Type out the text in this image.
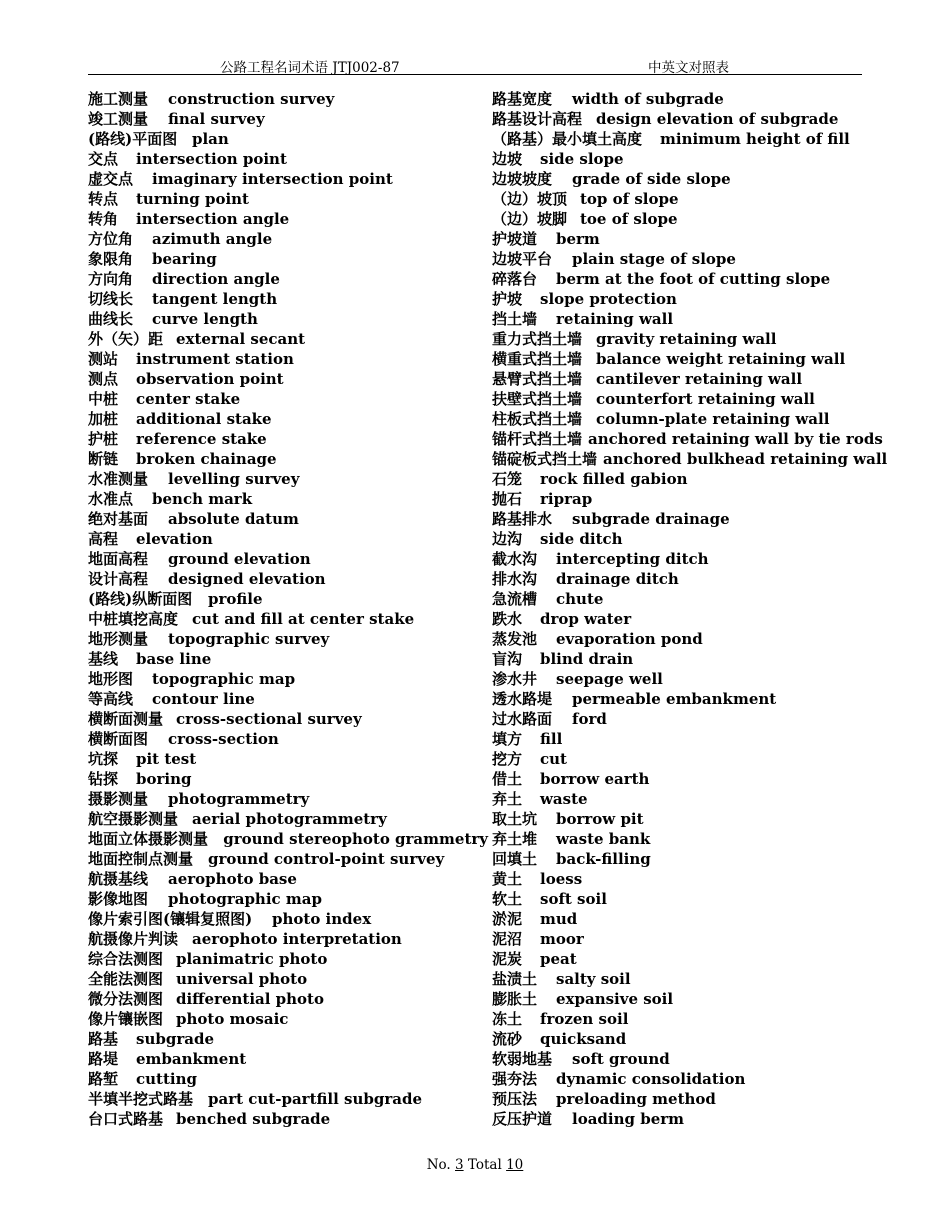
公路工程名词术语 JTJ002-87	中英文对照表
施工测量 construction survey
竣工测量 final survey
(路线)平面图 plan
交点 intersection point
虚交点 imaginary intersection point
转点 turning point
转角 intersection angle
方位角 azimuth angle
象限角 bearing
方向角 direction angle
切线长 tangent length
曲线长 curve length
外（矢）距 external secant
测站 instrument station
测点 observation point
中桩 center stake
加桩 additional stake
护桩 reference stake
断链 broken chainage
水准测量 levelling survey
水准点 bench mark
绝对基面 absolute datum
高程 elevation
地面高程 ground elevation
设计高程 designed elevation
(路线)纵断面图 profile
中桩填挖高度 cut and fill at center stake
地形测量 topographic survey
基线 base line
地形图 topographic map
等高线 contour line
横断面测量 cross-sectional survey
横断面图 cross-section
坑探 pit test
钻探 boring
摄影测量 photogrammetry
航空摄影测量 aerial photogrammetry
地面立体摄影测量 ground stereophoto grammetry
地面控制点测量 ground control-point survey
航摄基线 aerophoto base
影像地图 photographic map
像片索引图(镶辑复照图) photo index
航摄像片判读 aerophoto interpretation
综合法测图 planimatric photo
全能法测图 universal photo
微分法测图 differential photo
像片镶嵌图 photo mosaic
路基 subgrade
路堤 embankment
路堑 cutting
半填半挖式路基 part cut-partfill subgrade
台口式路基 benched subgrade
路基宽度 width of subgrade
路基设计高程 design elevation of subgrade
（路基）最小填土高度 minimum height of fill
边坡 side slope
边坡坡度 grade of side slope
（边）坡顶 top of slope
（边）坡脚 toe of slope
护坡道 berm
边坡平台 plain stage of slope
碎落台 berm at the foot of cutting slope
护坡 slope protection
挡土墙 retaining wall
重力式挡土墙 gravity retaining wall
横重式挡土墙 balance weight retaining wall
悬臂式挡土墙 cantilever retaining wall
扶壁式挡土墙 counterfort retaining wall
柱板式挡土墙 column-plate retaining wall
锚杆式挡土墙 anchored retaining wall by tie rods
锚碇板式挡土墙 anchored bulkhead retaining wall
石笼 rock filled gabion
抛石 riprap
路基排水 subgrade drainage
边沟 side ditch
截水沟 intercepting ditch
排水沟 drainage ditch
急流槽 chute
跌水 drop water
蒸发池 evaporation pond
盲沟 blind drain
渗水井 seepage well
透水路堤 permeable embankment
过水路面 ford
填方 fill
挖方 cut
借土 borrow earth
弃土 waste
取土坑 borrow pit
弃土堆 waste bank
回填土 back-filling
黄土 loess
软土 soft soil
淤泥 mud
泥沼 moor
泥炭 peat
盐渍土 salty soil
膨胀土 expansive soil
冻土 frozen soil
流砂 quicksand
软弱地基 soft ground
强夯法 dynamic consolidation
预压法 preloading method
反压护道 loading berm
No. 3 Total 10
